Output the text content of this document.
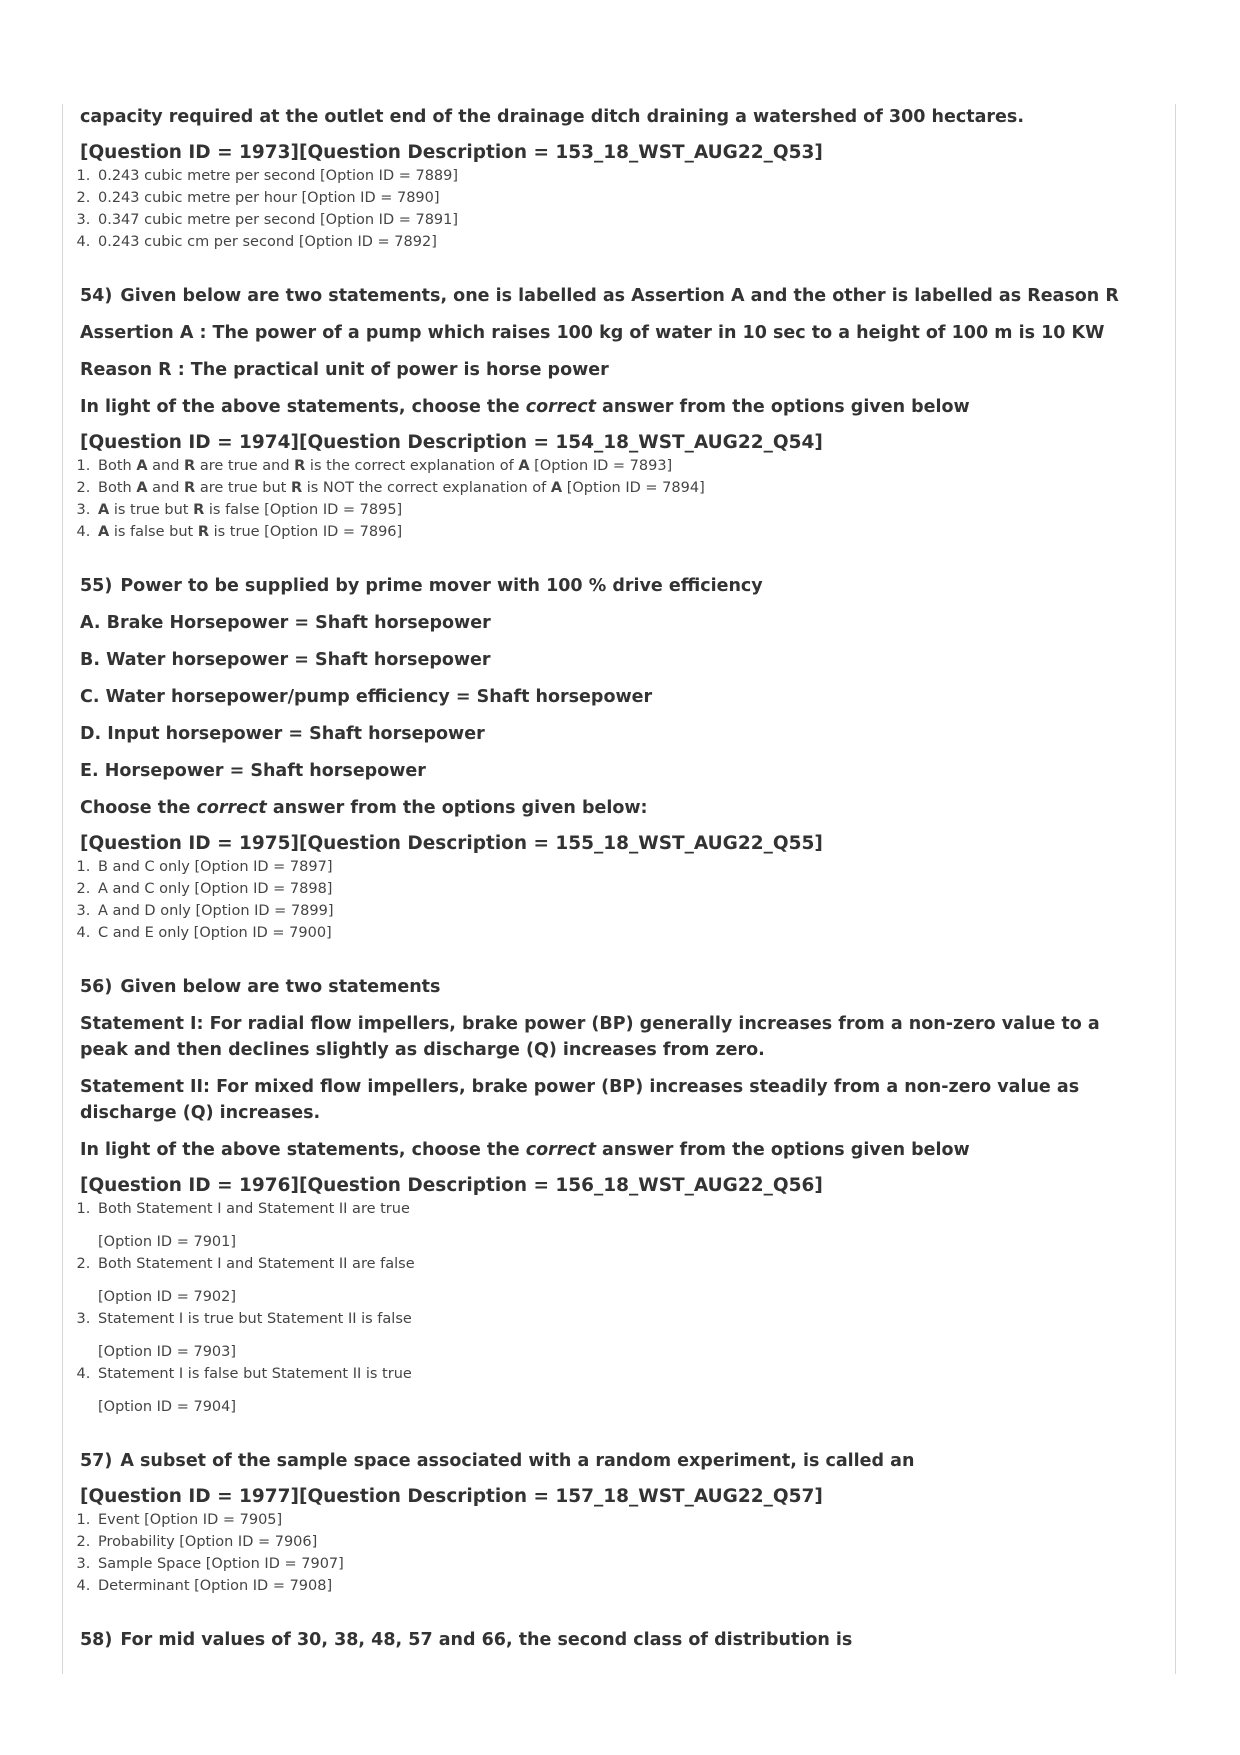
capacity required at the outlet end of the drainage ditch draining a watershed of 300 hectares.

[Question ID = 1973][Question Description = 153_18_WST_AUG22_Q53]

1. 0.243 cubic metre per second [Option ID = 7889]
2. 0.243 cubic metre per hour [Option ID = 7890]
3. 0.347 cubic metre per second [Option ID = 7891]
4. 0.243 cubic cm per second [Option ID = 7892]

54) Given below are two statements, one is labelled as Assertion A and the other is labelled as Reason R

Assertion A : The power of a pump which raises 100 kg of water in 10 sec to a height of 100 m is 10 KW

Reason R : The practical unit of power is horse power

In light of the above statements, choose the correct answer from the options given below

[Question ID = 1974][Question Description = 154_18_WST_AUG22_Q54]

1. Both A and R are true and R is the correct explanation of A [Option ID = 7893]
2. Both A and R are true but R is NOT the correct explanation of A [Option ID = 7894]
3. A is true but R is false [Option ID = 7895]
4. A is false but R is true [Option ID = 7896]

55) Power to be supplied by prime mover with 100 % drive efficiency

A. Brake Horsepower = Shaft horsepower

B. Water horsepower = Shaft horsepower

C. Water horsepower/pump efficiency = Shaft horsepower

D. Input horsepower = Shaft horsepower

E. Horsepower = Shaft horsepower

Choose the correct answer from the options given below:

[Question ID = 1975][Question Description = 155_18_WST_AUG22_Q55]

1. B and C only [Option ID = 7897]
2. A and C only [Option ID = 7898]
3. A and D only [Option ID = 7899]
4. C and E only [Option ID = 7900]

56) Given below are two statements

Statement I: For radial flow impellers, brake power (BP) generally increases from a non-zero value to a peak and then declines slightly as discharge (Q) increases from zero.

Statement II: For mixed flow impellers, brake power (BP) increases steadily from a non-zero value as discharge (Q) increases.

In light of the above statements, choose the correct answer from the options given below

[Question ID = 1976][Question Description = 156_18_WST_AUG22_Q56]

1. Both Statement I and Statement II are true
[Option ID = 7901]
2. Both Statement I and Statement II are false
[Option ID = 7902]
3. Statement I is true but Statement II is false
[Option ID = 7903]
4. Statement I is false but Statement II is true
[Option ID = 7904]

57) A subset of the sample space associated with a random experiment, is called an

[Question ID = 1977][Question Description = 157_18_WST_AUG22_Q57]

1. Event [Option ID = 7905]
2. Probability [Option ID = 7906]
3. Sample Space [Option ID = 7907]
4. Determinant [Option ID = 7908]

58) For mid values of 30, 38, 48, 57 and 66, the second class of distribution is
